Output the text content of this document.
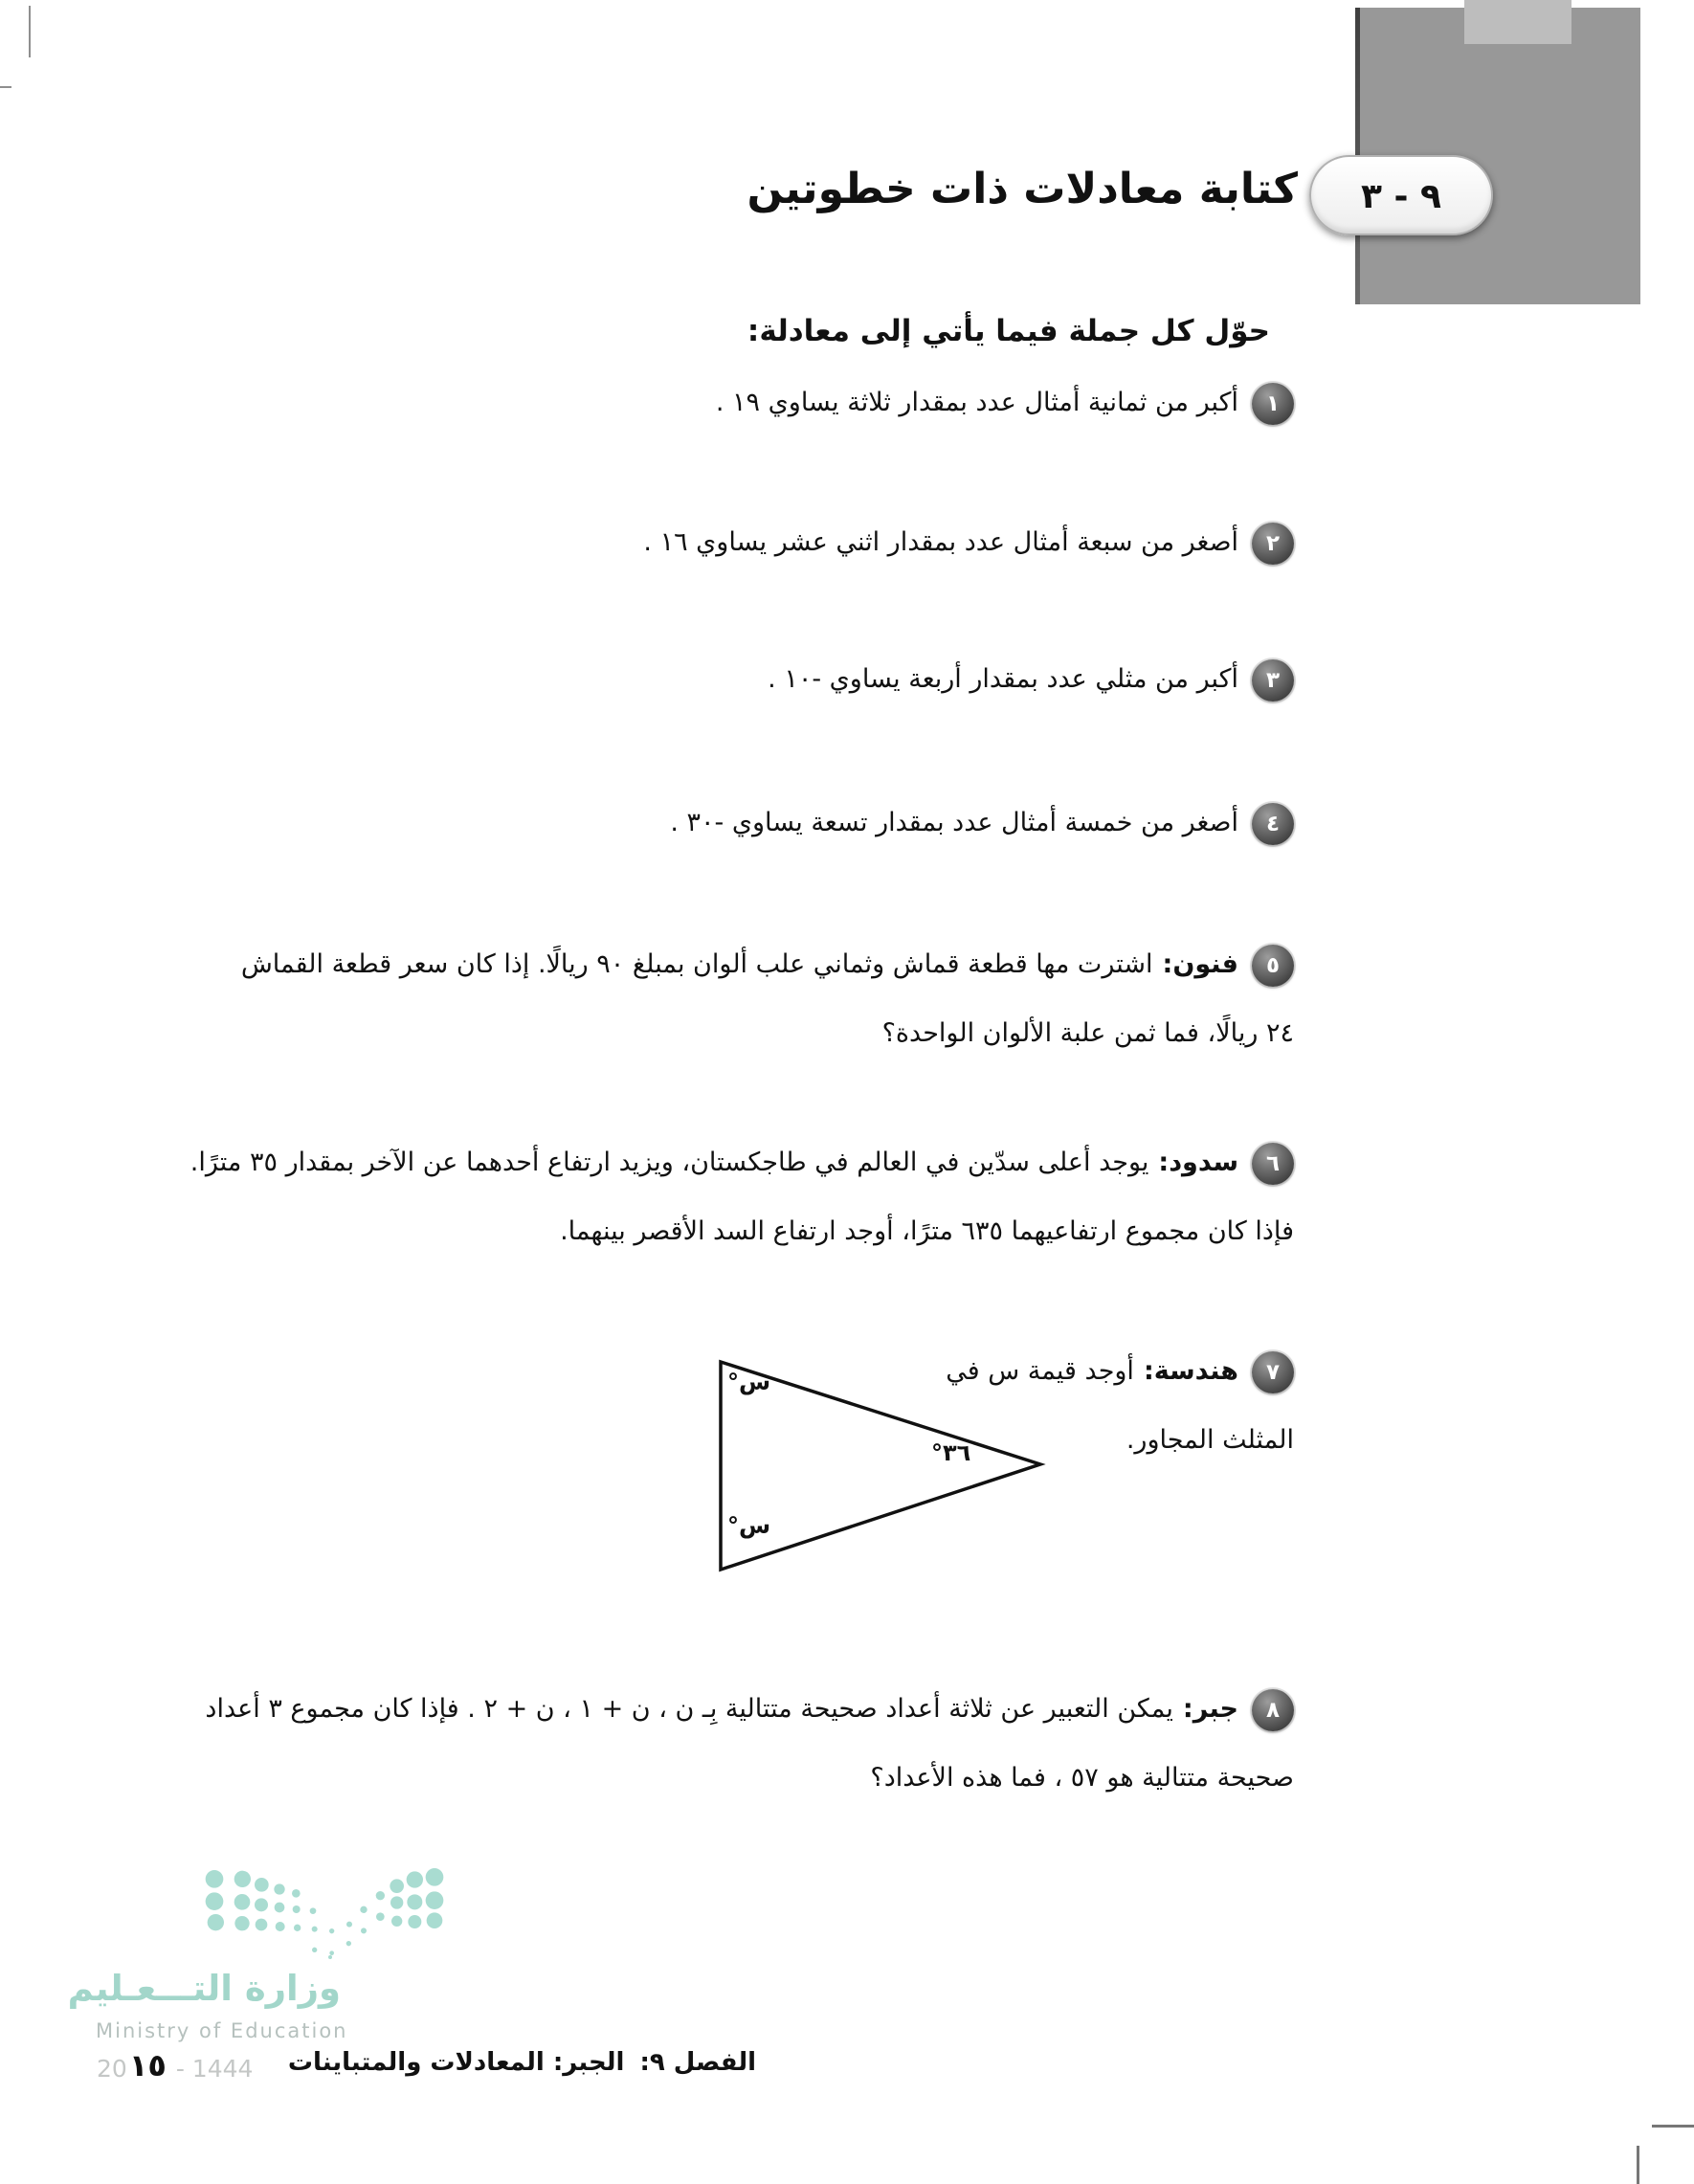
٩ - ٣
كتابة معادلات ذات خطوتين
حوّل كل جملة فيما يأتي إلى معادلة:

١أكبر من ثمانية أمثال عدد بمقدار ثلاثة يساوي ١٩ .

٢أصغر من سبعة أمثال عدد بمقدار اثني عشر يساوي ١٦ .

٣أكبر من مثلي عدد بمقدار أربعة يساوي -١٠ .

٤أصغر من خمسة أمثال عدد بمقدار تسعة يساوي -٣٠ .

٥فنون:اشترت مها قطعة قماش وثماني علب ألوان بمبلغ ٩٠ ريالًا. إذا كان سعر قطعة القماش
٢٤ ريالًا، فما ثمن علبة الألوان الواحدة؟

٦سدود:يوجد أعلى سدّين في العالم في طاجكستان، ويزيد ارتفاع أحدهما عن الآخر بمقدار ٣٥ مترًا.
فإذا كان مجموع ارتفاعيهما ٦٣٥ مترًا، أوجد ارتفاع السد الأقصر بينهما.

٧هندسة:أوجد قيمة س في
المثلث المجاور.

٨جبر:يمكن التعبير عن ثلاثة أعداد صحيحة متتالية بِـ ن ، ن + ١ ، ن + ٢ . فإذا كان مجموع ٣ أعداد
صحيحة متتالية هو ٥٧ ، فما هذه الأعداد؟

°س
°س
°٣٦
وزارة التـــعـليم
Ministry of Education
20١٥ - 1444	الفصل ٩:الجبر: المعادلات والمتباينات
